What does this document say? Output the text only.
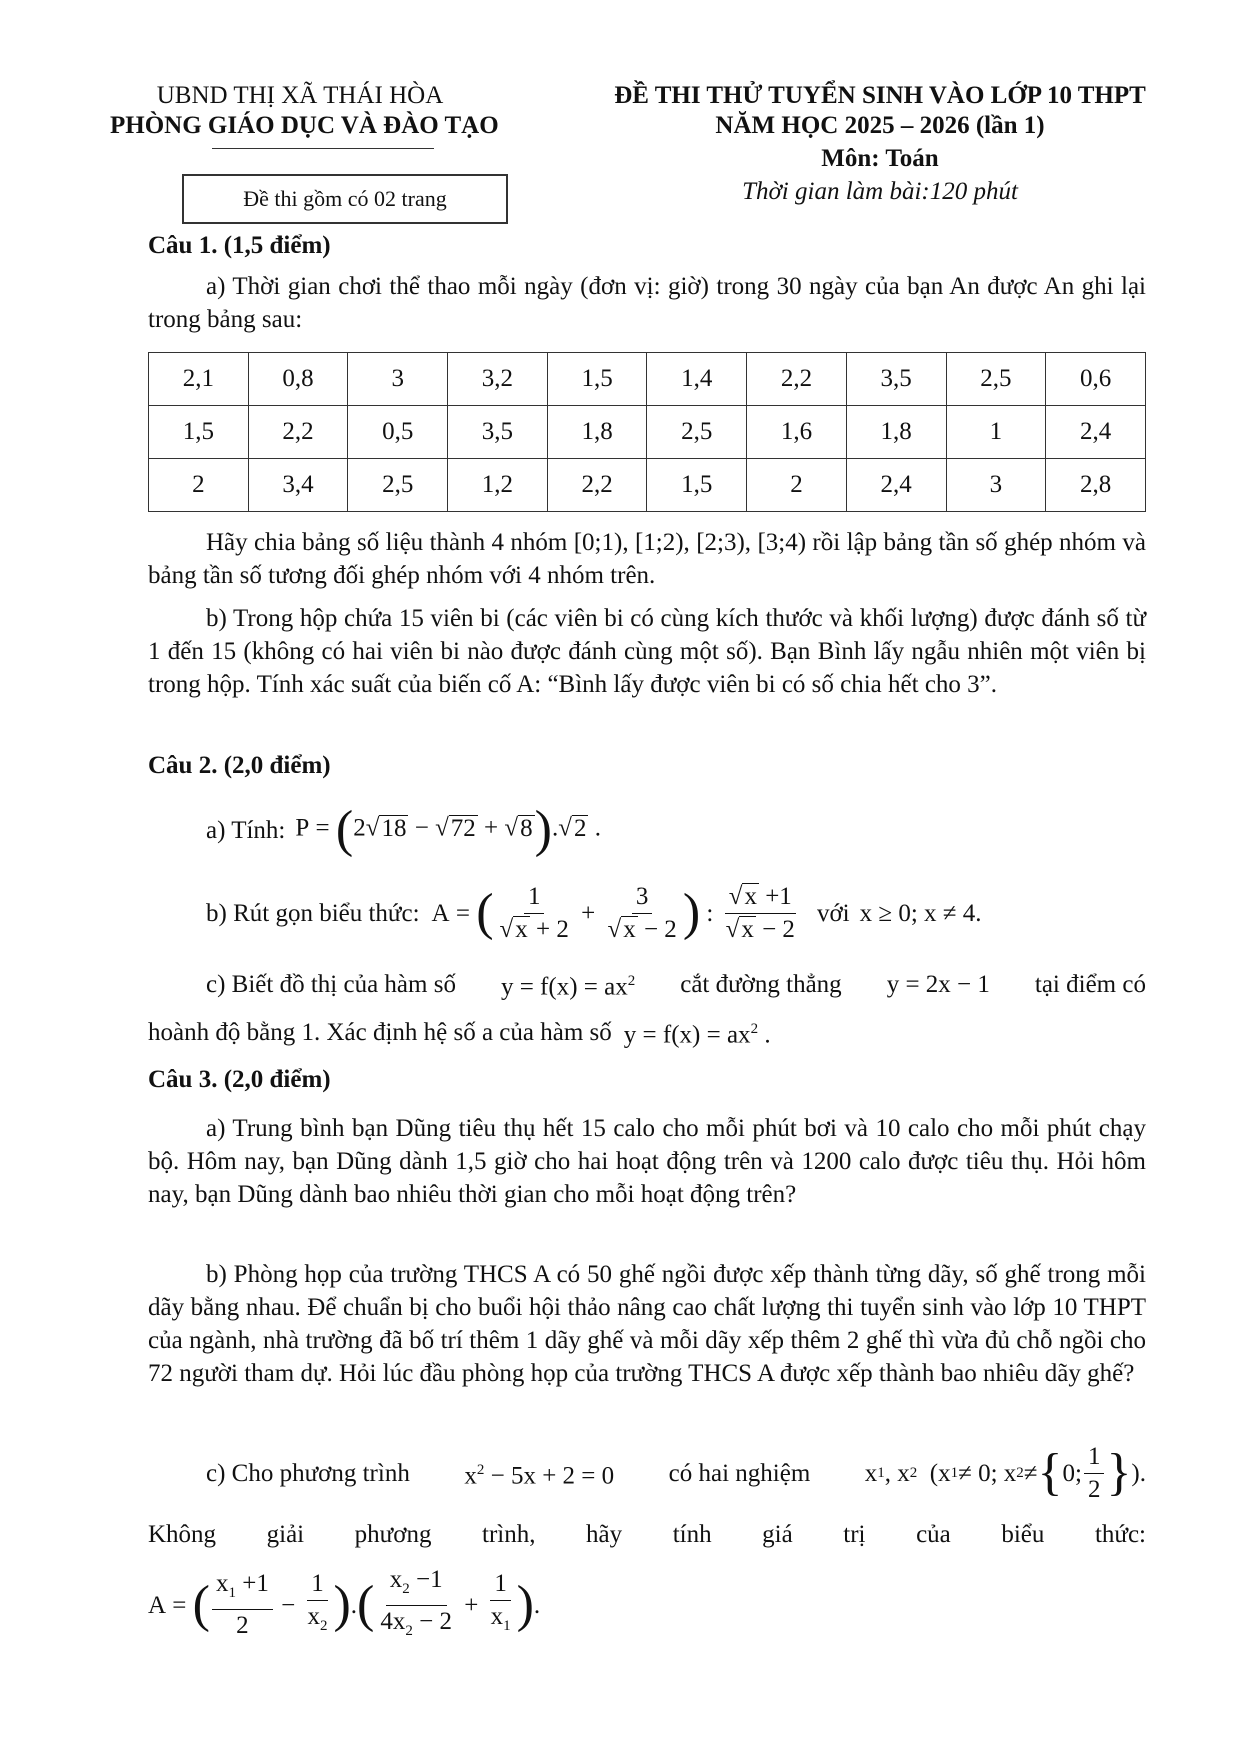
UBND THỊ XÃ THÁI HÒA
PHÒNG GIÁO DỤC VÀ ĐÀO TẠO
Đề thi gồm có 02 trang
ĐỀ THI THỬ TUYỂN SINH VÀO LỚP 10 THPT
NĂM HỌC 2025 – 2026 (lần 1)
Môn: Toán
Thời gian làm bài:120 phút
Câu 1. (1,5 điểm)
a) Thời gian chơi thể thao mỗi ngày (đơn vị: giờ) trong 30 ngày của bạn An được An ghi lại trong bảng sau:
2,1	0,8	3	3,2	1,5	1,4	2,2	3,5	2,5	0,6
1,5	2,2	0,5	3,5	1,8	2,5	1,6	1,8	1	2,4
2	3,4	2,5	1,2	2,2	1,5	2	2,4	3	2,8
Hãy chia bảng số liệu thành 4 nhóm [0;1), [1;2), [2;3), [3;4) rồi lập bảng tần số ghép nhóm và bảng tần số tương đối ghép nhóm với 4 nhóm trên.
b) Trong hộp chứa 15 viên bi (các viên bi có cùng kích thước và khối lượng) được đánh số từ 1 đến 15 (không có hai viên bi nào được đánh cùng một số). Bạn Bình lấy ngẫu nhiên một viên bị trong hộp. Tính xác suất của biến cố A: “Bình lấy được viên bi có số chia hết cho 3”.
Câu 2. (2,0 điểm)
a) Tính: P = (2√18 − √72 + √8).√2 .
b) Rút gọn biểu thức: A = ( $\frac{1}{√x + 2} + \frac{3}{√x - 2}$ ) : $\frac{√x +1}{√x - 2}$ với x ≥ 0; x ≠ 4.
c) Biết đồ thị của hàm số $y = f(x) = ax^2$ cắt đường thẳng y = 2x − 1 tại điểm có
hoành độ bằng 1. Xác định hệ số a của hàm số $y = f(x) = ax^2$ .
Câu 3. (2,0 điểm)
a) Trung bình bạn Dũng tiêu thụ hết 15 calo cho mỗi phút bơi và 10 calo cho mỗi phút chạy bộ. Hôm nay, bạn Dũng dành 1,5 giờ cho hai hoạt động trên và 1200 calo được tiêu thụ. Hỏi hôm nay, bạn Dũng dành bao nhiêu thời gian cho mỗi hoạt động trên?
b) Phòng họp của trường THCS A có 50 ghế ngồi được xếp thành từng dãy, số ghế trong mỗi dãy bằng nhau. Để chuẩn bị cho buổi hội thảo nâng cao chất lượng thi tuyển sinh vào lớp 10 THPT của ngành, nhà trường đã bố trí thêm 1 dãy ghế và mỗi dãy xếp thêm 2 ghế thì vừa đủ chỗ ngồi cho 72 người tham dự. Hỏi lúc đầu phòng họp của trường THCS A được xếp thành bao nhiêu dãy ghế?
c) Cho phương trình $x^2 - 5x + 2 = 0$ có hai nghiệm x 1 , x 2 (x 1 ≠ 0; x 2 ≠ { 0; $\frac{1}{2}$ } ).
Không giải phương trình, hãy tính giá trị của biểu thức:
A = ( $\frac{x_1 +1}{2} - \frac{1}{x_2}$ ) . ( $\frac{x_2 -1}{4x_2 - 2} + \frac{1}{x_1}$ ) .
